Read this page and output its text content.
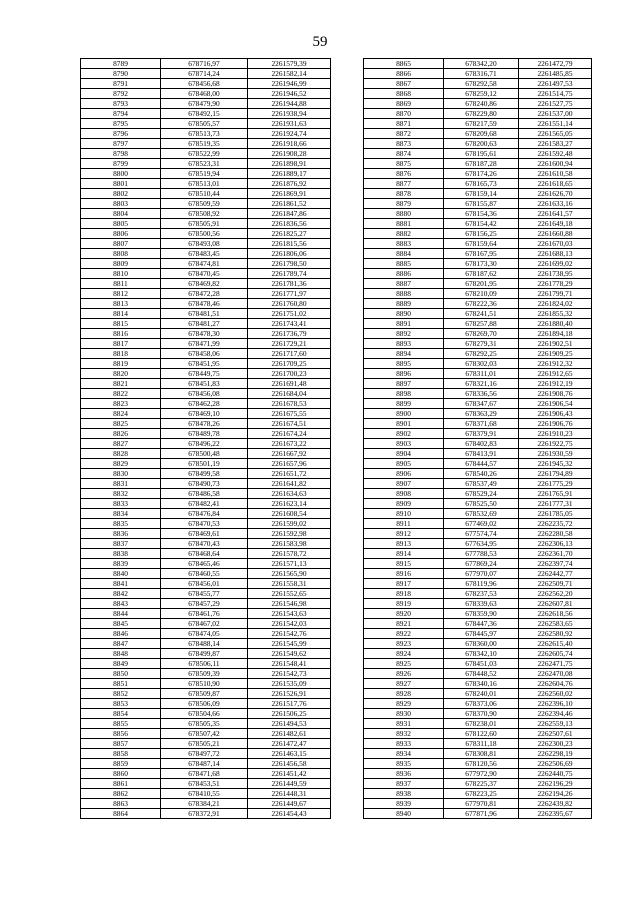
59
8789	678716,97	2261579,39
8790	678714,24	2261582,14
8791	678456,68	2261946,99
8792	678468,00	2261946,52
8793	678479,90	2261944,88
8794	678492,15	2261938,94
8795	678505,57	2261931,63
8796	678513,73	2261924,74
8797	678519,35	2261918,66
8798	678522,99	2261908,28
8799	678523,31	2261898,91
8800	678519,94	2261889,17
8801	678513,01	2261876,92
8802	678510,44	2261869,91
8803	678509,59	2261861,52
8804	678508,92	2261847,86
8805	678505,91	2261836,56
8806	678500,56	2261825,27
8807	678493,08	2261815,56
8808	678483,45	2261806,06
8809	678474,81	2261798,50
8810	678470,45	2261789,74
8811	678469,82	2261781,36
8812	678472,28	2261771,97
8813	678478,46	2261760,80
8814	678481,51	2261751,02
8815	678481,27	2261743,41
8816	678478,30	2261736,79
8817	678471,99	2261729,21
8818	678458,06	2261717,60
8819	678451,95	2261709,25
8820	678449,75	2261700,23
8821	678451,83	2261691,48
8822	678456,08	2261684,04
8823	678462,28	2261678,53
8824	678469,10	2261675,55
8825	678478,26	2261674,51
8826	678489,78	2261674,24
8827	678496,22	2261673,22
8828	678500,48	2261667,92
8829	678501,19	2261657,96
8830	678499,58	2261651,72
8831	678490,73	2261641,82
8832	678486,58	2261634,63
8833	678482,41	2261623,14
8834	678476,84	2261608,54
8835	678470,53	2261599,02
8836	678469,61	2261592,98
8837	678470,43	2261583,98
8838	678468,64	2261578,72
8839	678465,46	2261571,13
8840	678460,55	2261565,90
8841	678456,01	2261558,31
8842	678455,77	2261552,65
8843	678457,29	2261546,98
8844	678461,76	2261543,63
8845	678467,02	2261542,03
8846	678474,05	2261542,76
8847	678488,14	2261545,99
8848	678499,87	2261549,62
8849	678506,11	2261548,41
8850	678509,39	2261542,73
8851	678510,90	2261535,09
8852	678509,87	2261526,91
8853	678506,09	2261517,76
8854	678504,66	2261506,25
8855	678505,35	2261494,53
8856	678507,42	2261482,61
8857	678505,21	2261472,47
8858	678497,72	2261463,15
8859	678487,14	2261456,58
8860	678471,68	2261451,42
8861	678453,51	2261449,59
8862	678410,55	2261448,31
8863	678384,21	2261449,67
8864	678372,91	2261454,43
8865	678342,20	2261472,79
8866	678316,71	2261485,85
8867	678292,58	2261497,53
8868	678259,12	2261514,75
8869	678240,86	2261527,75
8870	678229,80	2261537,00
8871	678217,59	2261551,14
8872	678209,68	2261565,05
8873	678200,63	2261583,27
8874	678195,61	2261592,48
8875	678187,28	2261600,94
8876	678174,26	2261610,58
8877	678165,73	2261618,65
8878	678159,14	2261626,70
8879	678155,87	2261633,16
8880	678154,36	2261641,57
8881	678154,42	2261649,18
8882	678156,25	2261660,88
8883	678159,64	2261670,03
8884	678167,95	2261688,13
8885	678173,30	2261699,02
8886	678187,62	2261738,95
8887	678201,95	2261778,29
8888	678210,09	2261799,71
8889	678222,36	2261824,02
8890	678241,51	2261855,32
8891	678257,88	2261880,40
8892	678269,70	2261894,18
8893	678279,31	2261902,51
8894	678292,25	2261909,25
8895	678302,03	2261912,32
8896	678311,01	2261912,65
8897	678321,16	2261912,19
8898	678336,56	2261908,76
8899	678347,67	2261906,54
8900	678363,29	2261906,43
8901	678371,68	2261906,76
8902	678379,91	2261910,23
8903	678402,83	2261922,75
8904	678413,91	2261930,59
8905	678444,57	2261945,32
8906	678540,26	2261794,89
8907	678537,49	2261775,29
8908	678529,24	2261765,91
8909	678525,50	2261777,31
8910	678532,69	2261785,05
8911	677469,02	2262235,72
8912	677574,74	2262280,58
8913	677634,95	2262306,13
8914	677788,53	2262361,70
8915	677869,24	2262397,74
8916	677970,07	2262442,77
8917	678119,96	2262509,71
8918	678237,53	2262562,20
8919	678339,63	2262607,81
8920	678359,90	2262618,56
8921	678447,36	2262583,65
8922	678445,97	2262580,92
8923	678360,00	2262615,40
8924	678342,10	2262605,74
8925	678451,03	2262471,75
8926	678448,52	2262470,08
8927	678340,16	2262604,76
8928	678240,01	2262560,02
8929	678373,06	2262396,10
8930	678370,90	2262394,46
8931	678238,01	2262559,13
8932	678122,60	2262507,61
8933	678311,18	2262300,23
8934	678308,81	2262298,19
8935	678120,56	2262506,69
8936	677972,90	2262440,75
8937	678225,37	2262196,29
8938	678223,25	2262194,26
8939	677970,81	2262439,82
8940	677871,96	2262395,67
